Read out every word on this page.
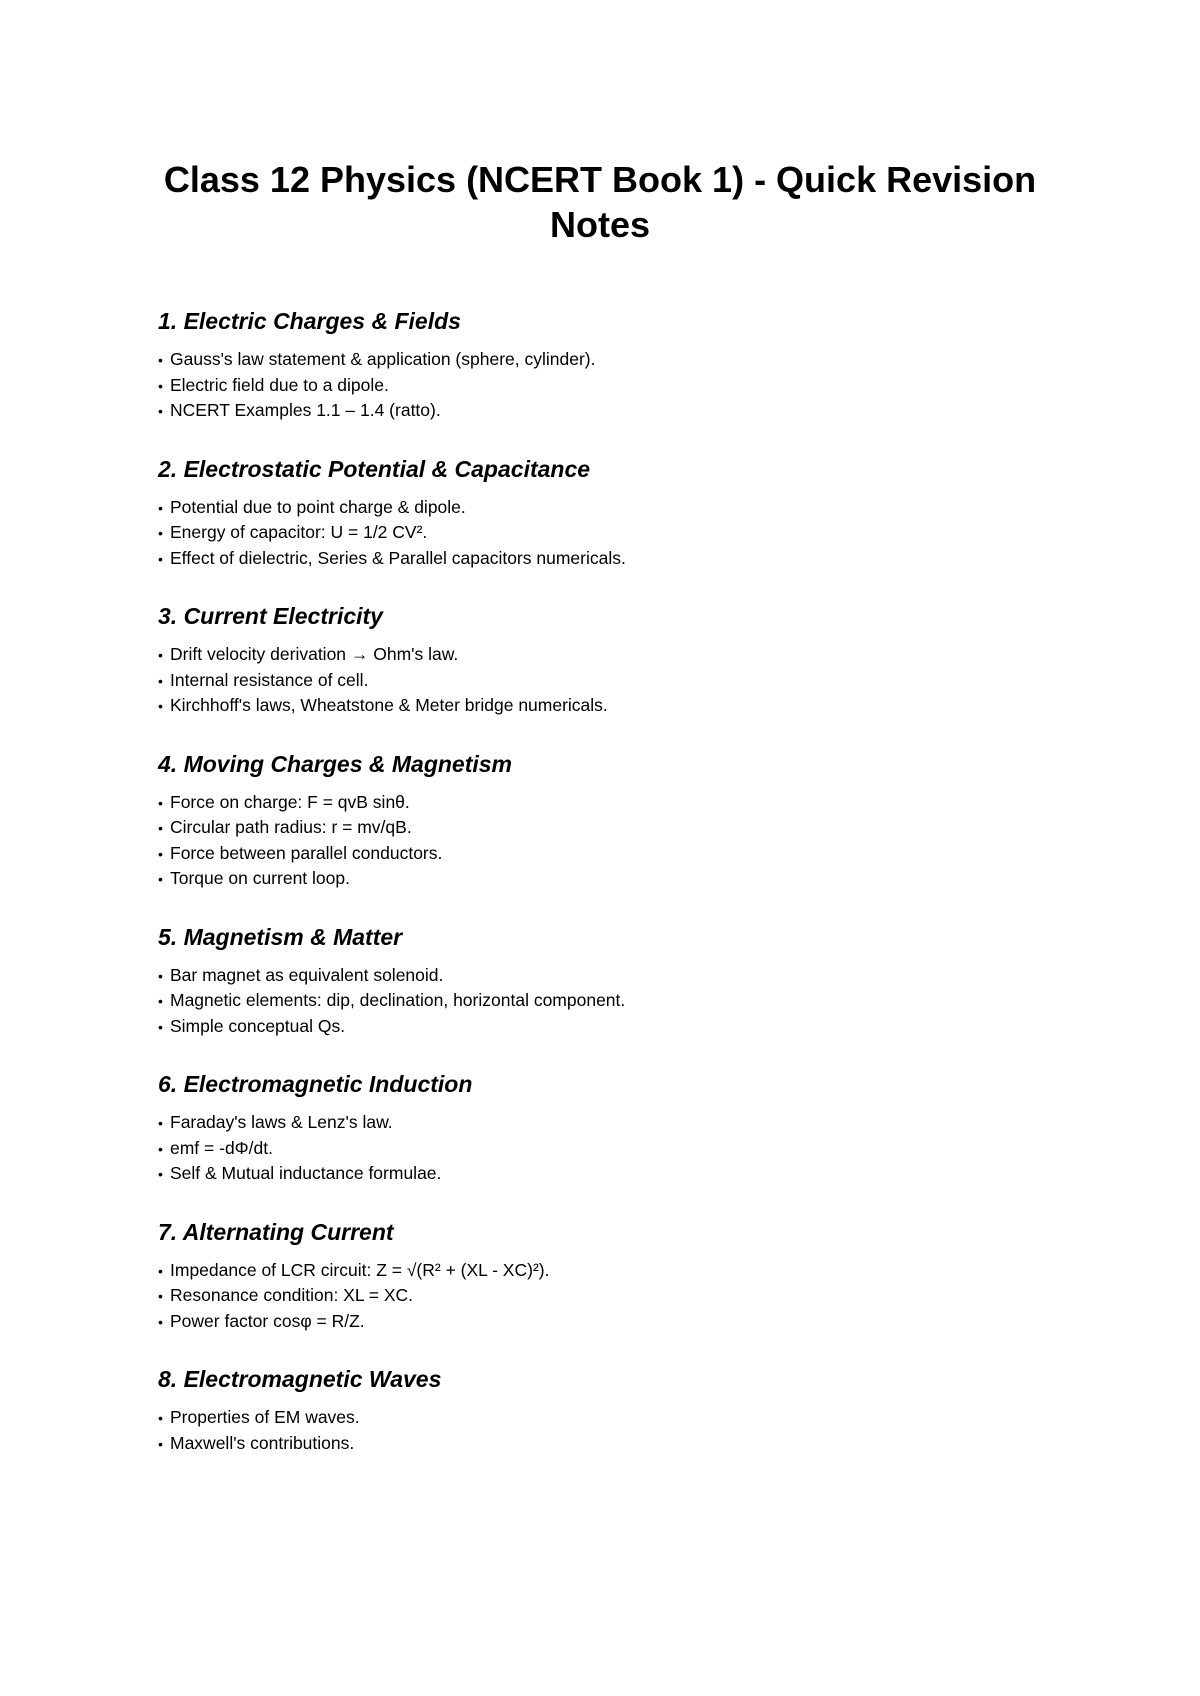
Class 12 Physics (NCERT Book 1) - Quick Revision Notes
1. Electric Charges & Fields
• Gauss's law statement & application (sphere, cylinder).
• Electric field due to a dipole.
• NCERT Examples 1.1 – 1.4 (ratto).
2. Electrostatic Potential & Capacitance
• Potential due to point charge & dipole.
• Energy of capacitor: U = 1/2 CV².
• Effect of dielectric, Series & Parallel capacitors numericals.
3. Current Electricity
• Drift velocity derivation → Ohm's law.
• Internal resistance of cell.
• Kirchhoff's laws, Wheatstone & Meter bridge numericals.
4. Moving Charges & Magnetism
• Force on charge: F = qvB sinθ.
• Circular path radius: r = mv/qB.
• Force between parallel conductors.
• Torque on current loop.
5. Magnetism & Matter
• Bar magnet as equivalent solenoid.
• Magnetic elements: dip, declination, horizontal component.
• Simple conceptual Qs.
6. Electromagnetic Induction
• Faraday's laws & Lenz's law.
• emf = -dΦ/dt.
• Self & Mutual inductance formulae.
7. Alternating Current
• Impedance of LCR circuit: Z = √(R² + (XL - XC)²).
• Resonance condition: XL = XC.
• Power factor cosφ = R/Z.
8. Electromagnetic Waves
• Properties of EM waves.
• Maxwell's contributions.
